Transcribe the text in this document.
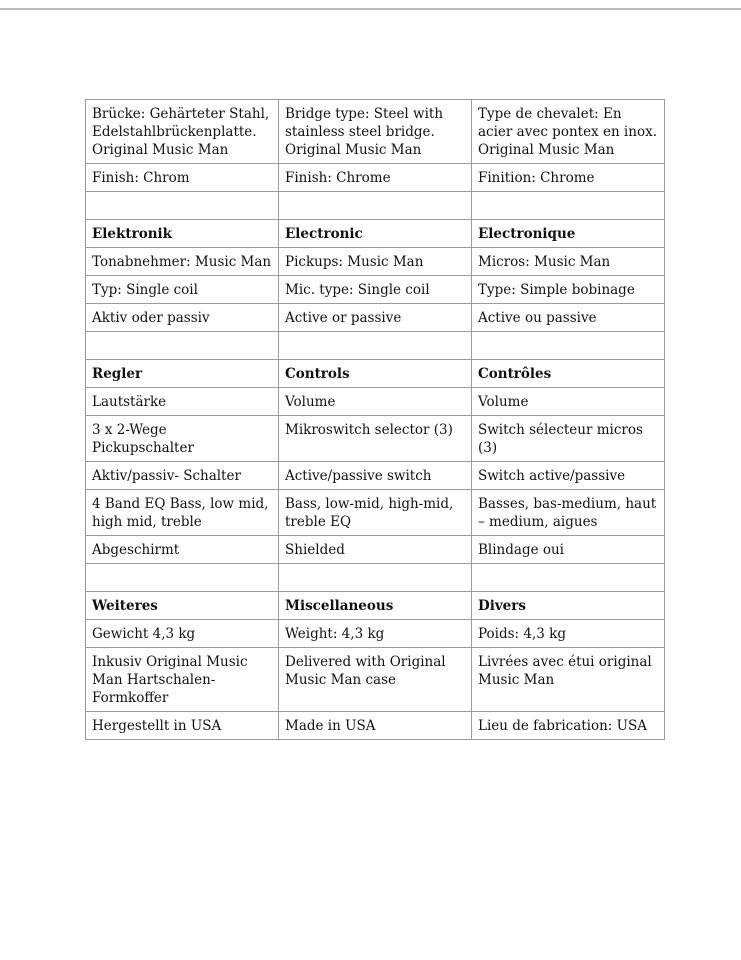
Brücke: Gehärteter Stahl, Edelstahlbrückenplatte. Original Music Man	Bridge type: Steel with stainless steel bridge. Original Music Man	Type de chevalet: En acier avec pontex en inox. Original Music Man
Finish: Chrom	Finish: Chrome	Finition: Chrome

Elektronik	Electronic	Electronique
Tonabnehmer: Music Man	Pickups: Music Man	Micros: Music Man
Typ: Single coil	Mic. type: Single coil	Type: Simple bobinage
Aktiv oder passiv	Active or passive	Active ou passive

Regler	Controls	Contrôles
Lautstärke	Volume	Volume
3 x 2-Wege Pickupschalter	Mikroswitch selector (3)	Switch sélecteur micros (3)
Aktiv/passiv- Schalter	Active/passive switch	Switch active/passive
4 Band EQ Bass, low mid, high mid, treble	Bass, low-mid, high-mid, treble EQ	Basses, bas-medium, haut – medium, aigues
Abgeschirmt	Shielded	Blindage oui

Weiteres	Miscellaneous	Divers
Gewicht 4,3 kg	Weight: 4,3 kg	Poids: 4,3 kg
Inkusiv Original Music Man Hartschalen-Formkoffer	Delivered with Original Music Man case	Livrées avec étui original Music Man
Hergestellt in USA	Made in USA	Lieu de fabrication: USA
